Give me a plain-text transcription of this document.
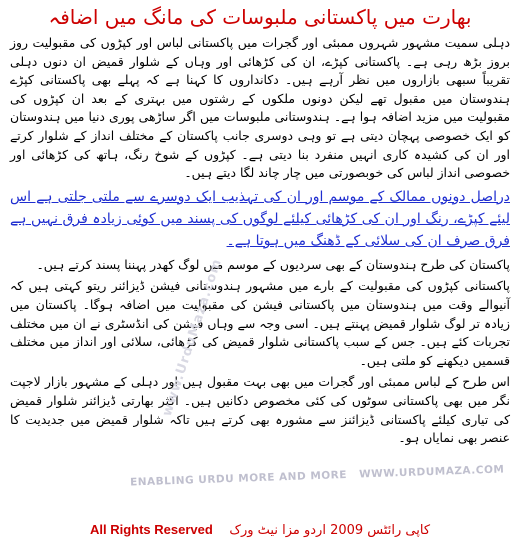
بھارت میں پاکستانی ملبوسات کی مانگ میں اضافہ

دہلی سمیت مشہور شہروں ممبئی اور گجرات میں پاکستانی لباس اور کپڑوں کی مقبولیت روز بروز بڑھ رہی ہے۔ پاکستانی کپڑے، ان کی کڑھائی اور وہاں کے شلوار قمیض ان دنوں دہلی تقریباً سبھی بازاروں میں نظر آرہے ہیں۔ دکانداروں کا کہنا ہے کہ پہلے بھی پاکستانی کپڑے ہندوستان میں مقبول تھے لیکن دونوں ملکوں کے رشتوں میں بہتری کے بعد ان کپڑوں کی مقبولیت میں مزید اضافہ ہوا ہے۔ ہندوستانی ملبوسات میں اگر ساڑھی پوری دنیا میں ہندوستان کو ایک خصوصی پہچان دیتی ہے تو وہی دوسری جانب پاکستان کے مختلف انداز کے شلوار کرتے اور ان کی کشیدہ کاری انہیں منفرد بنا دیتی ہے۔ کپڑوں کے شوخ رنگ، ہاتھ کی کڑھائی اور خصوصی انداز لباس کی خوبصورتی میں چار چاند لگا دیتے ہیں۔

دراصل دونوں ممالک کے موسم اور ان کی تہذیب ایک دوسرے سے ملتی جلتی ہے اس لیئے کپڑے، رنگ اور ان کی کڑھائی کیلئے لوگوں کی پسند میں کوئی زیادہ فرق نہیں ہے فرق صرف ان کی سلائی کے ڈھنگ میں ہوتا ہے۔

پاکستان کی طرح ہندوستان کے بھی سردیوں کے موسم میں لوگ کھدر پہننا پسند کرتے ہیں۔

پاکستانی کپڑوں کی مقبولیت کے بارے میں مشہور ہندوستانی فیشن ڈیزائنر ریتو کہتی ہیں کہ آنیوالے وقت میں ہندوستان میں پاکستانی فیشن کی مقبولیت میں اضافہ ہوگا۔ پاکستان میں زیادہ تر لوگ شلوار قمیض پہنتے ہیں۔ اسی وجہ سے وہاں فیشن کی انڈسٹری نے ان میں مختلف تجربات کئے ہیں۔ جس کے سبب پاکستانی شلوار قمیض کی کڑھائی، سلائی اور انداز میں مختلف قسمیں دیکھنے کو ملتی ہیں۔

اس طرح کے لباس ممبئی اور گجرات میں بھی بہت مقبول ہیں اور دہلی کے مشہور بازار لاجپت نگر میں بھی پاکستانی سوٹوں کی کئی مخصوص دکانیں ہیں۔ اکثر بھارتی ڈیزائنر شلوار قمیض کی تیاری کیلئے پاکستانی ڈیزائنز سے مشورہ بھی کرتے ہیں تاکہ شلوار قمیض میں جدیدیت کا عنصر بھی نمایاں ہو۔

www.UrduMaza.com
ENABLING URDU MORE AND MORE WWW.URDUMAZA.COM
All Rights Reserved کاپی رائٹس 2009 اردو مزا نیٹ ورک
